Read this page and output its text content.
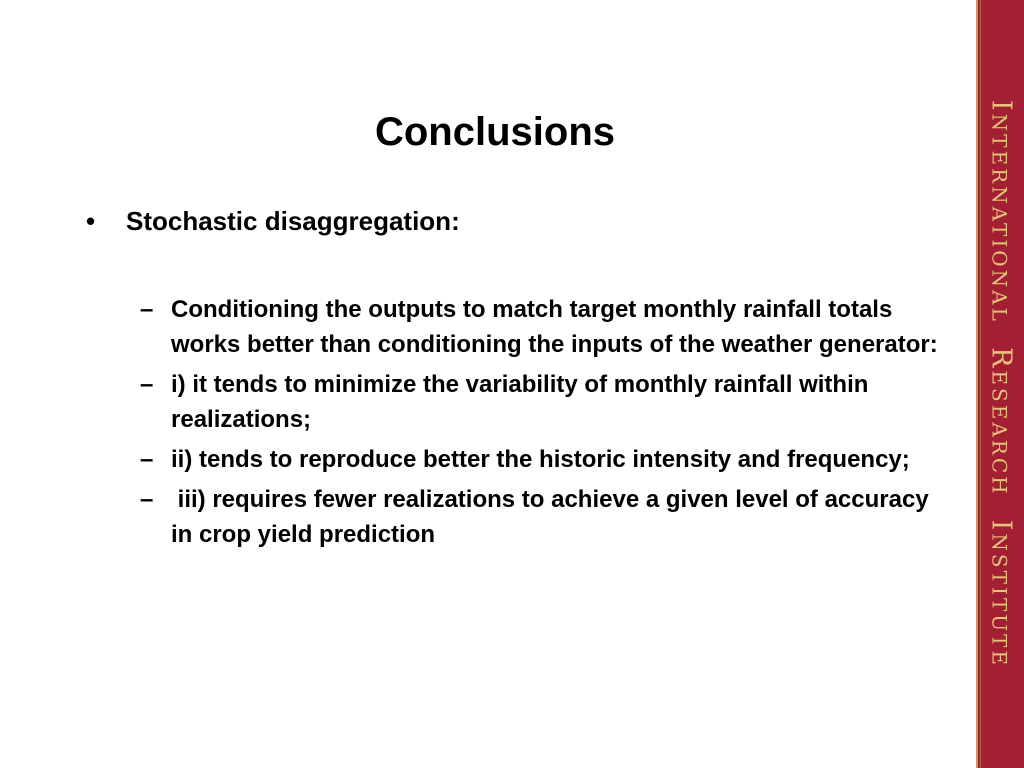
Conclusions
•	Stochastic disaggregation:
– Conditioning the outputs to match target monthly rainfall totals works better than conditioning the inputs of the weather generator:
– i) it tends to minimize the variability of monthly rainfall within realizations;
– ii) tends to reproduce better the historic intensity and frequency;
– iii) requires fewer realizations to achieve a given level of accuracy in crop yield prediction
INTERNATIONAL  RESEARCH  INSTITUTE
